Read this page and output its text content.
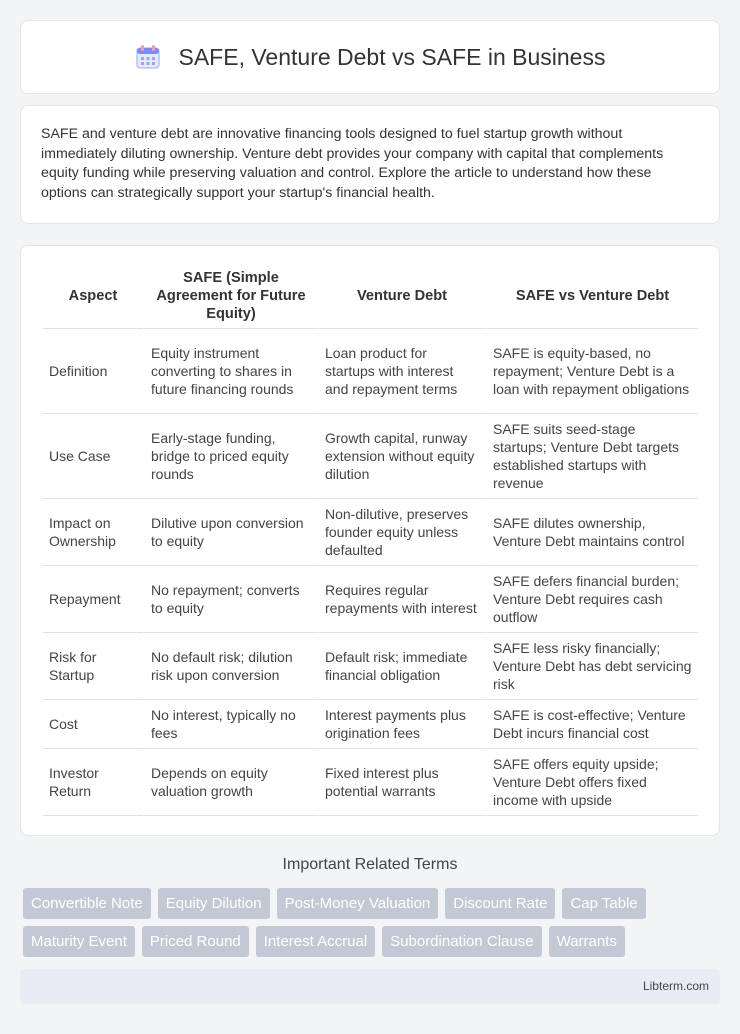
SAFE, Venture Debt vs SAFE in Business

SAFE and venture debt are innovative financing tools designed to fuel startup growth without immediately diluting ownership. Venture debt provides your company with capital that complements equity funding while preserving valuation and control. Explore the article to understand how these options can strategically support your startup's financial health.

Aspect	SAFE (Simple Agreement for Future Equity)	Venture Debt	SAFE vs Venture Debt
Definition	Equity instrument converting to shares in future financing rounds	Loan product for startups with interest and repayment terms	SAFE is equity-based, no repayment; Venture Debt is a loan with repayment obligations
Use Case	Early-stage funding, bridge to priced equity rounds	Growth capital, runway extension without equity dilution	SAFE suits seed-stage startups; Venture Debt targets established startups with revenue
Impact on Ownership	Dilutive upon conversion to equity	Non-dilutive, preserves founder equity unless defaulted	SAFE dilutes ownership, Venture Debt maintains control
Repayment	No repayment; converts to equity	Requires regular repayments with interest	SAFE defers financial burden; Venture Debt requires cash outflow
Risk for Startup	No default risk; dilution risk upon conversion	Default risk; immediate financial obligation	SAFE less risky financially; Venture Debt has debt servicing risk
Cost	No interest, typically no fees	Interest payments plus origination fees	SAFE is cost-effective; Venture Debt incurs financial cost
Investor Return	Depends on equity valuation growth	Fixed interest plus potential warrants	SAFE offers equity upside; Venture Debt offers fixed income with upside
Important Related Terms
Convertible Note	Equity Dilution	Post-Money Valuation	Discount Rate	Cap Table
Maturity Event	Priced Round	Interest Accrual	Subordination Clause	Warrants
Libterm.com
